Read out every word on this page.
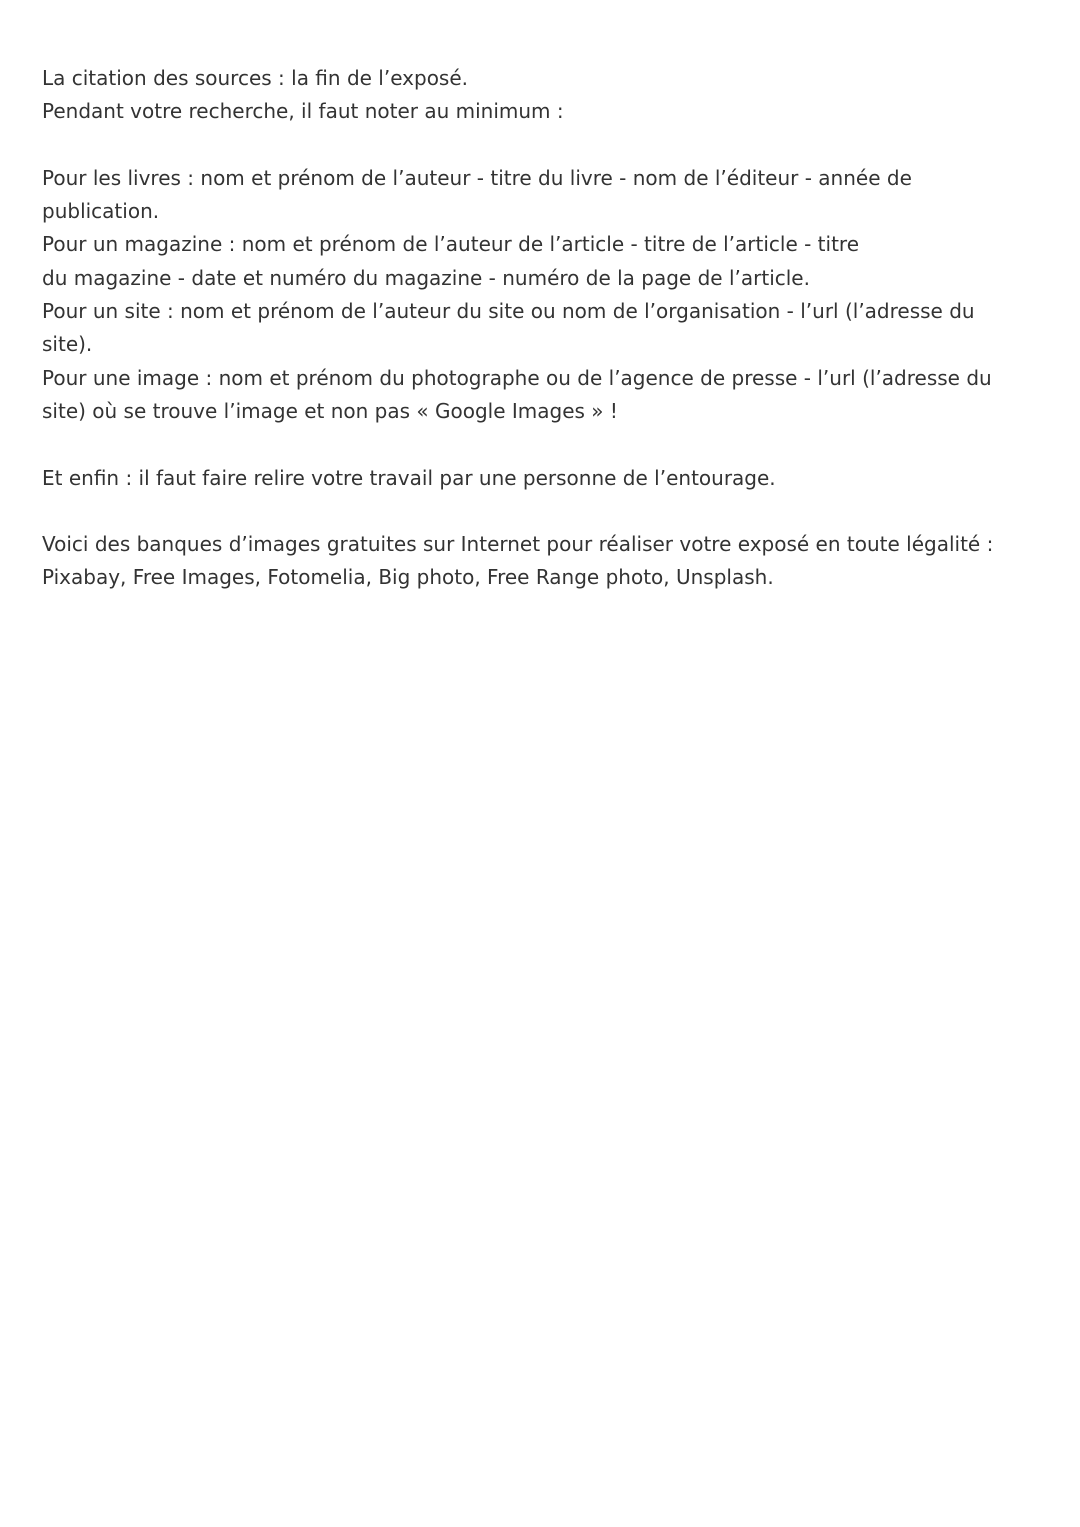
La citation des sources : la fin de l’exposé.
Pendant votre recherche, il faut noter au minimum :
Pour les livres : nom et prénom de l’auteur - titre du livre - nom de l’éditeur - année de
publication.
Pour un magazine : nom et prénom de l’auteur de l’article - titre de l’article - titre
du magazine - date et numéro du magazine - numéro de la page de l’article.
Pour un site : nom et prénom de l’auteur du site ou nom de l’organisation - l’url (l’adresse du
site).
Pour une image : nom et prénom du photographe ou de l’agence de presse - l’url (l’adresse du
site) où se trouve l’image et non pas « Google Images » !
Et enfin : il faut faire relire votre travail par une personne de l’entourage.
Voici des banques d’images gratuites sur Internet pour réaliser votre exposé en toute légalité :
Pixabay, Free Images, Fotomelia, Big photo, Free Range photo, Unsplash.
